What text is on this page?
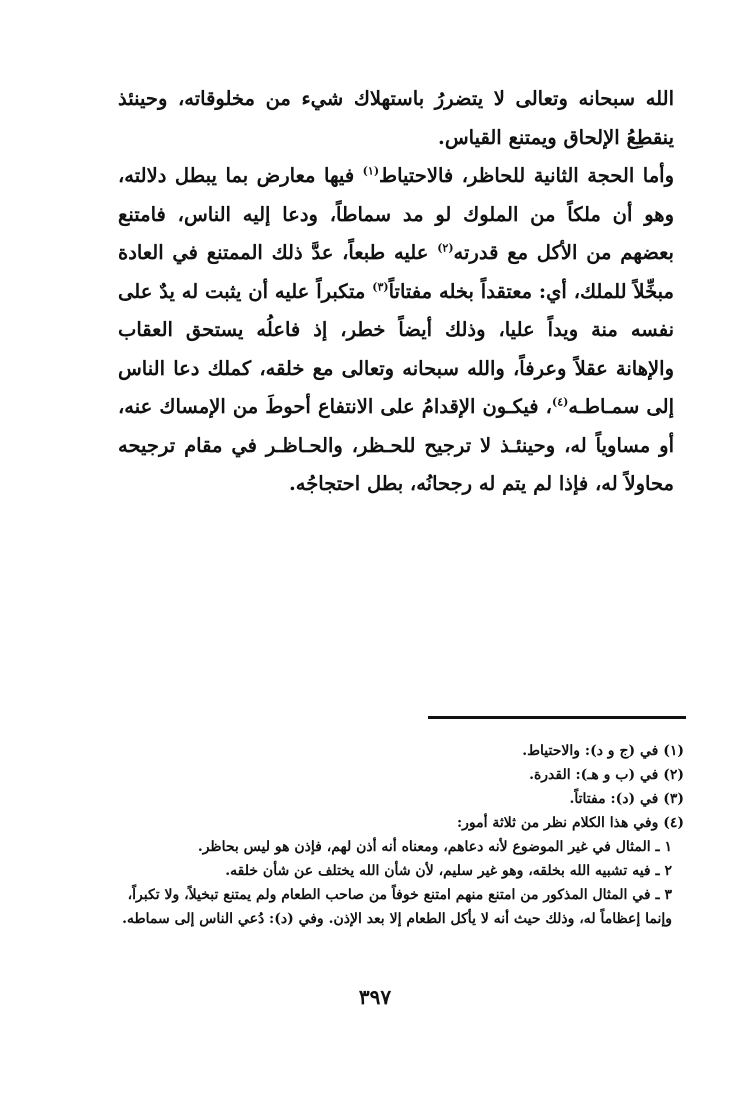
الله سبحانه وتعالى لا يتضررُ باستهلاك شيء من مخلوقاته، وحينئذ ينقطِعُ الإلحاق ويمتنع القياس.

وأما الحجة الثانية للحاظر، فالاحتياط$^{(١)}$ فيها معارض بما يبطل دلالته، وهو أن ملكاً من الملوك لو مد سماطاً، ودعا إليه الناس، فامتنع بعضهم من الأكل مع قدرته$^{(٢)}$ عليه طبعاً، عدَّ ذلك الممتنع في العادة مبخِّلاً للملك، أي: معتقداً بخله مفتاتاً$^{(٣)}$ متكبراً عليه أن يثبت له يدٌ على نفسه منة ويداً عليا، وذلك أيضاً خطر، إذ فاعلُه يستحق العقاب والإهانة عقلاً وعرفاً، والله سبحانه وتعالى مع خلقه، كملك دعا الناس إلى سمـاطـه$^{(٤)}$، فيكـون الإقدامُ على الانتفاع أحوطَ من الإمساك عنه، أو مساوياً له، وحينئـذ لا ترجيح للحـظر، والحـاظـر في مقام ترجيحه محاولاً له، فإذا لم يتم له رجحانُه، بطل احتجاجُه.

(١) في (ج و د): والاحتياط.

(٢) في (ب و هـ): القدرة.

(٣) في (د): مفتاتاً.

(٤) وفي هذا الكلام نظر من ثلاثة أمور:

١ ـ المثال في غير الموضوع لأنه دعاهم، ومعناه أنه أذن لهم، فإذن هو ليس بحاظر.

٢ ـ فيه تشبيه الله بخلقه، وهو غير سليم، لأن شأن الله يختلف عن شأن خلقه.

٣ ـ في المثال المذكور من امتنع منهم امتنع خوفاً من صاحب الطعام ولم يمتنع تبخيلاً، ولا تكبراً، وإنما إعظاماً له، وذلك حيث أنه لا يأكل الطعام إلا بعد الإذن. وفي (د): دُعي الناس إلى سماطه.

٣٩٧
